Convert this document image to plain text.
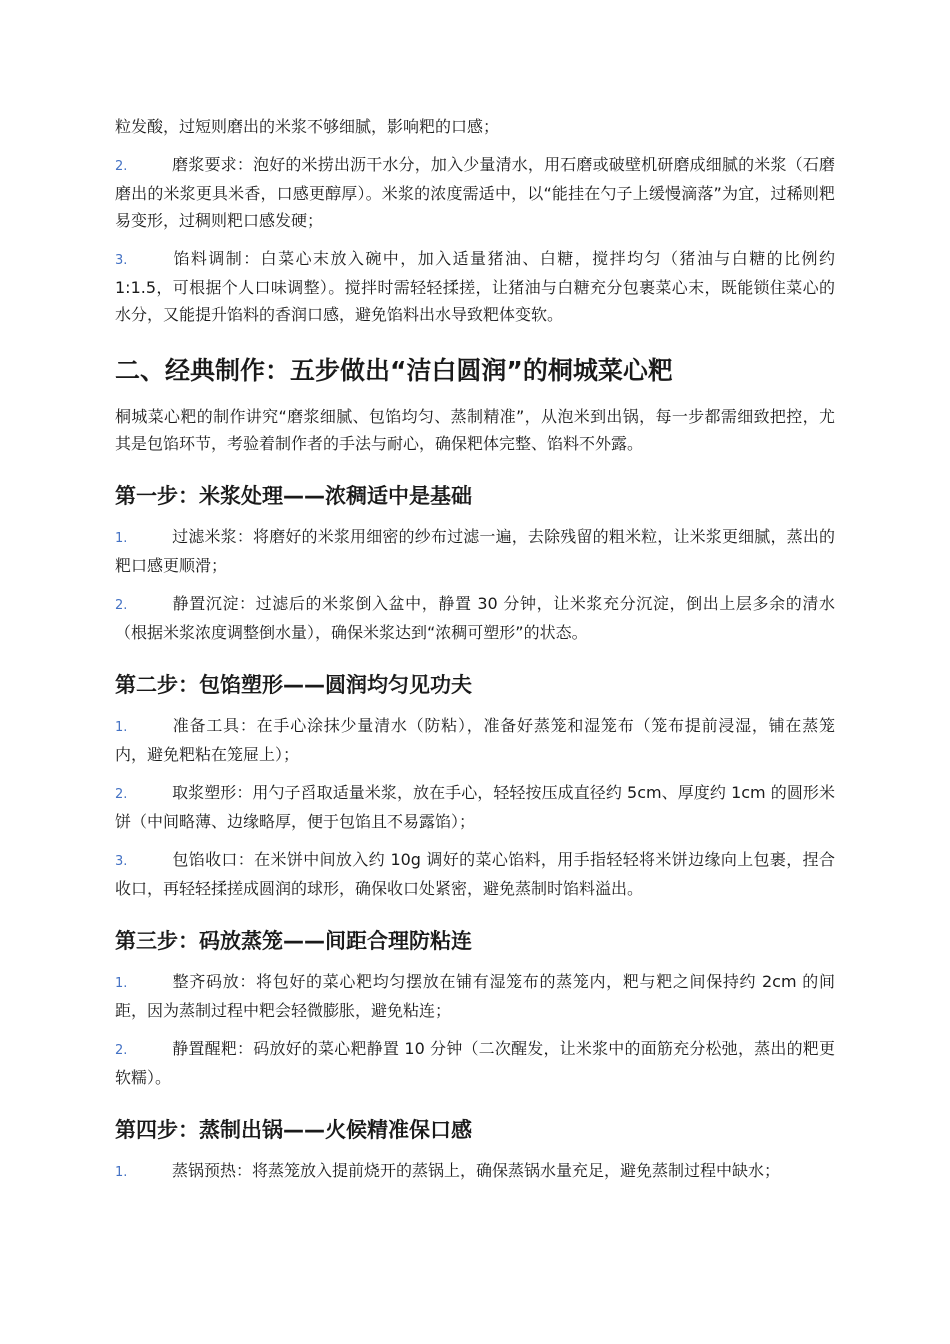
粒发酸，过短则磨出的米浆不够细腻，影响粑的口感；

2.	磨浆要求：泡好的米捞出沥干水分，加入少量清水，用石磨或破壁机研磨成细腻的米浆（石磨磨出的米浆更具米香，口感更醇厚）。米浆的浓度需适中，以“能挂在勺子上缓慢滴落”为宜，过稀则粑易变形，过稠则粑口感发硬；

3.	馅料调制：白菜心末放入碗中，加入适量猪油、白糖，搅拌均匀（猪油与白糖的比例约 1:1.5，可根据个人口味调整）。搅拌时需轻轻揉搓，让猪油与白糖充分包裹菜心末，既能锁住菜心的水分，又能提升馅料的香润口感，避免馅料出水导致粑体变软。

二、经典制作：五步做出“洁白圆润”的桐城菜心粑

桐城菜心粑的制作讲究“磨浆细腻、包馅均匀、蒸制精准”，从泡米到出锅，每一步都需细致把控，尤其是包馅环节，考验着制作者的手法与耐心，确保粑体完整、馅料不外露。

第一步：米浆处理——浓稠适中是基础

1.	过滤米浆：将磨好的米浆用细密的纱布过滤一遍，去除残留的粗米粒，让米浆更细腻，蒸出的粑口感更顺滑；

2.	静置沉淀：过滤后的米浆倒入盆中，静置 30 分钟，让米浆充分沉淀，倒出上层多余的清水（根据米浆浓度调整倒水量），确保米浆达到“浓稠可塑形”的状态。

第二步：包馅塑形——圆润均匀见功夫

1.	准备工具：在手心涂抹少量清水（防粘），准备好蒸笼和湿笼布（笼布提前浸湿，铺在蒸笼内，避免粑粘在笼屉上）；

2.	取浆塑形：用勺子舀取适量米浆，放在手心，轻轻按压成直径约 5cm、厚度约 1cm 的圆形米饼（中间略薄、边缘略厚，便于包馅且不易露馅）；

3.	包馅收口：在米饼中间放入约 10g 调好的菜心馅料，用手指轻轻将米饼边缘向上包裹，捏合收口，再轻轻揉搓成圆润的球形，确保收口处紧密，避免蒸制时馅料溢出。

第三步：码放蒸笼——间距合理防粘连

1.	整齐码放：将包好的菜心粑均匀摆放在铺有湿笼布的蒸笼内，粑与粑之间保持约 2cm 的间距，因为蒸制过程中粑会轻微膨胀，避免粘连；

2.	静置醒粑：码放好的菜心粑静置 10 分钟（二次醒发，让米浆中的面筋充分松弛，蒸出的粑更软糯）。

第四步：蒸制出锅——火候精准保口感

1.	蒸锅预热：将蒸笼放入提前烧开的蒸锅上，确保蒸锅水量充足，避免蒸制过程中缺水；
